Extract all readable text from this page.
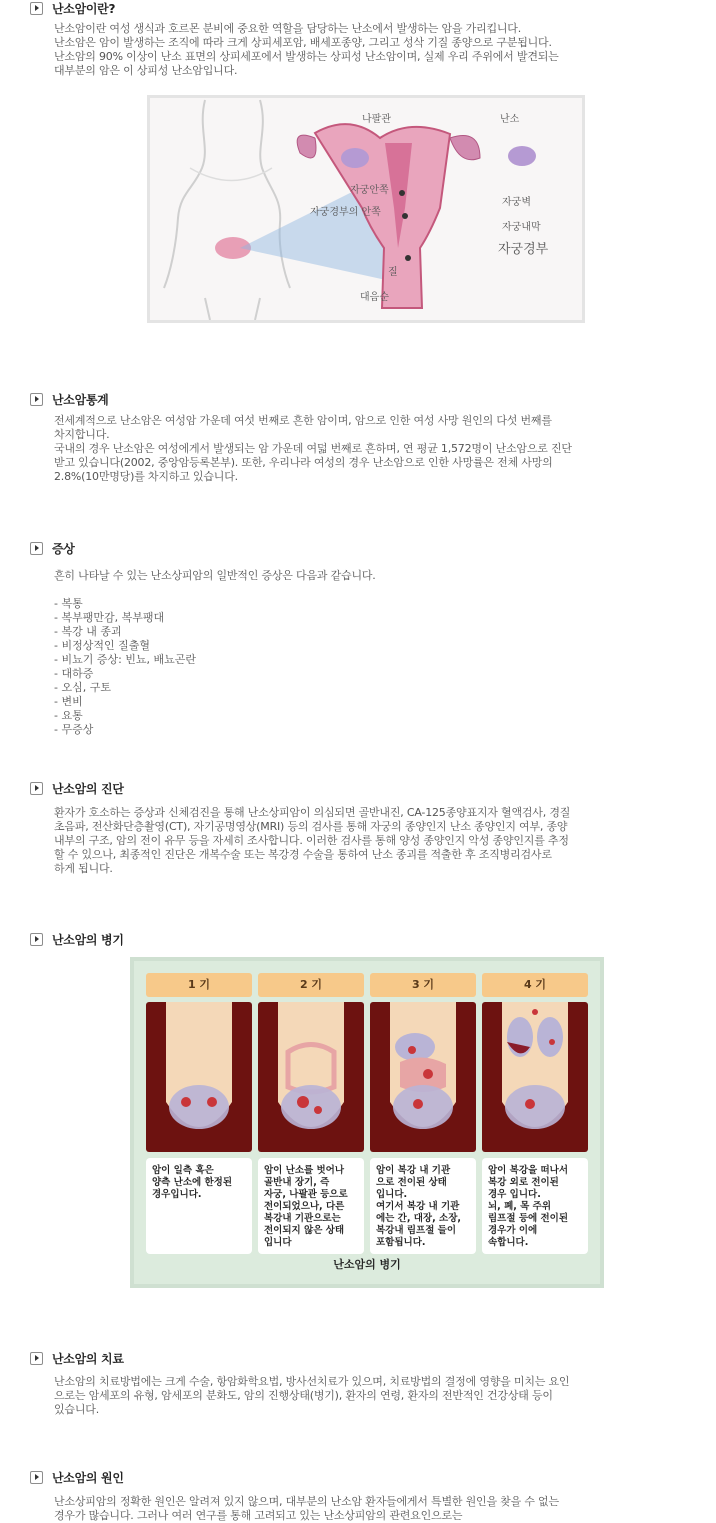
난소암이란?

난소암이란 여성 생식과 호르몬 분비에 중요한 역할을 담당하는 난소에서 발생하는 암을 가리킵니다.
난소암은 암이 발생하는 조직에 따라 크게 상피세포암, 배세포종양, 그리고 성삭 기질 종양으로 구분됩니다.
난소암의 90% 이상이 난소 표면의 상피세포에서 발생하는 상피성 난소암이며, 실제 우리 주위에서 발견되는
대부분의 암은 이 상피성 난소암입니다.

나팔관	난소
자궁안쪽
자궁경부의 안쪽
자궁벽
자궁내막
자궁경부
질
대음순
난소암통계

전세계적으로 난소암은 여성암 가운데 여섯 번째로 흔한 암이며, 암으로 인한 여성 사망 원인의 다섯 번째를
차지합니다.
국내의 경우 난소암은 여성에게서 발생되는 암 가운데 여덟 번째로 흔하며, 연 평균 1,572명이 난소암으로 진단
받고 있습니다(2002, 중앙암등록본부). 또한, 우리나라 여성의 경우 난소암으로 인한 사망률은 전체 사망의
2.8%(10만명당)를 차지하고 있습니다.

증상

흔히 나타날 수 있는 난소상피암의 일반적인 증상은 다음과 같습니다.

- 복통
- 복부팽만감, 복부팽대
- 복강 내 종괴
- 비정상적인 질출혈
- 비뇨기 증상: 빈뇨, 배뇨곤란
- 대하증
- 오심, 구토
- 변비
- 요통
- 무증상
난소암의 진단

환자가 호소하는 증상과 신체검진을 통해 난소상피암이 의심되면 골반내진, CA-125종양표지자 혈액검사, 경질
초음파, 전산화단층촬영(CT), 자기공명영상(MRI) 등의 검사를 통해 자궁의 종양인지 난소 종양인지 여부, 종양
내부의 구조, 암의 전이 유무 등을 자세히 조사합니다. 이러한 검사를 통해 양성 종양인지 악성 종양인지를 추정
할 수 있으나, 최종적인 진단은 개복수술 또는 복강경 수술을 통하여 난소 종괴를 적출한 후 조직병리검사로
하게 됩니다.

난소암의 병기
1 기
암이 일측 혹은
양측 난소에 한정된
경우입니다.
2 기
암이 난소를 벗어나
골반내 장기, 즉
자궁, 나팔관 등으로
전이되었으나, 다른
복강내 기관으로는
전이되지 않은 상태
입니다
3 기
암이 복강 내 기관
으로 전이된 상태
입니다.
여기서 복강 내 기관
에는 간, 대장, 소장,
복강내 림프절 들이
포함됩니다.
4 기
암이 복강을 떠나서
복강 외로 전이된
경우 입니다.
뇌, 폐, 목 주위
림프절 등에 전이된
경우가 이에
속합니다.
난소암의 병기
난소암의 치료

난소암의 치료방법에는 크게 수술, 항암화학요법, 방사선치료가 있으며, 치료방법의 결정에 영향을 미치는 요인
으로는 암세포의 유형, 암세포의 분화도, 암의 진행상태(병기), 환자의 연령, 환자의 전반적인 건강상태 등이
있습니다.

난소암의 원인

난소상피암의 정확한 원인은 알려져 있지 않으며, 대부분의 난소암 환자들에게서 특별한 원인을 찾을 수 없는
경우가 많습니다. 그러나 여러 연구를 통해 고려되고 있는 난소상피암의 관련요인으로는
